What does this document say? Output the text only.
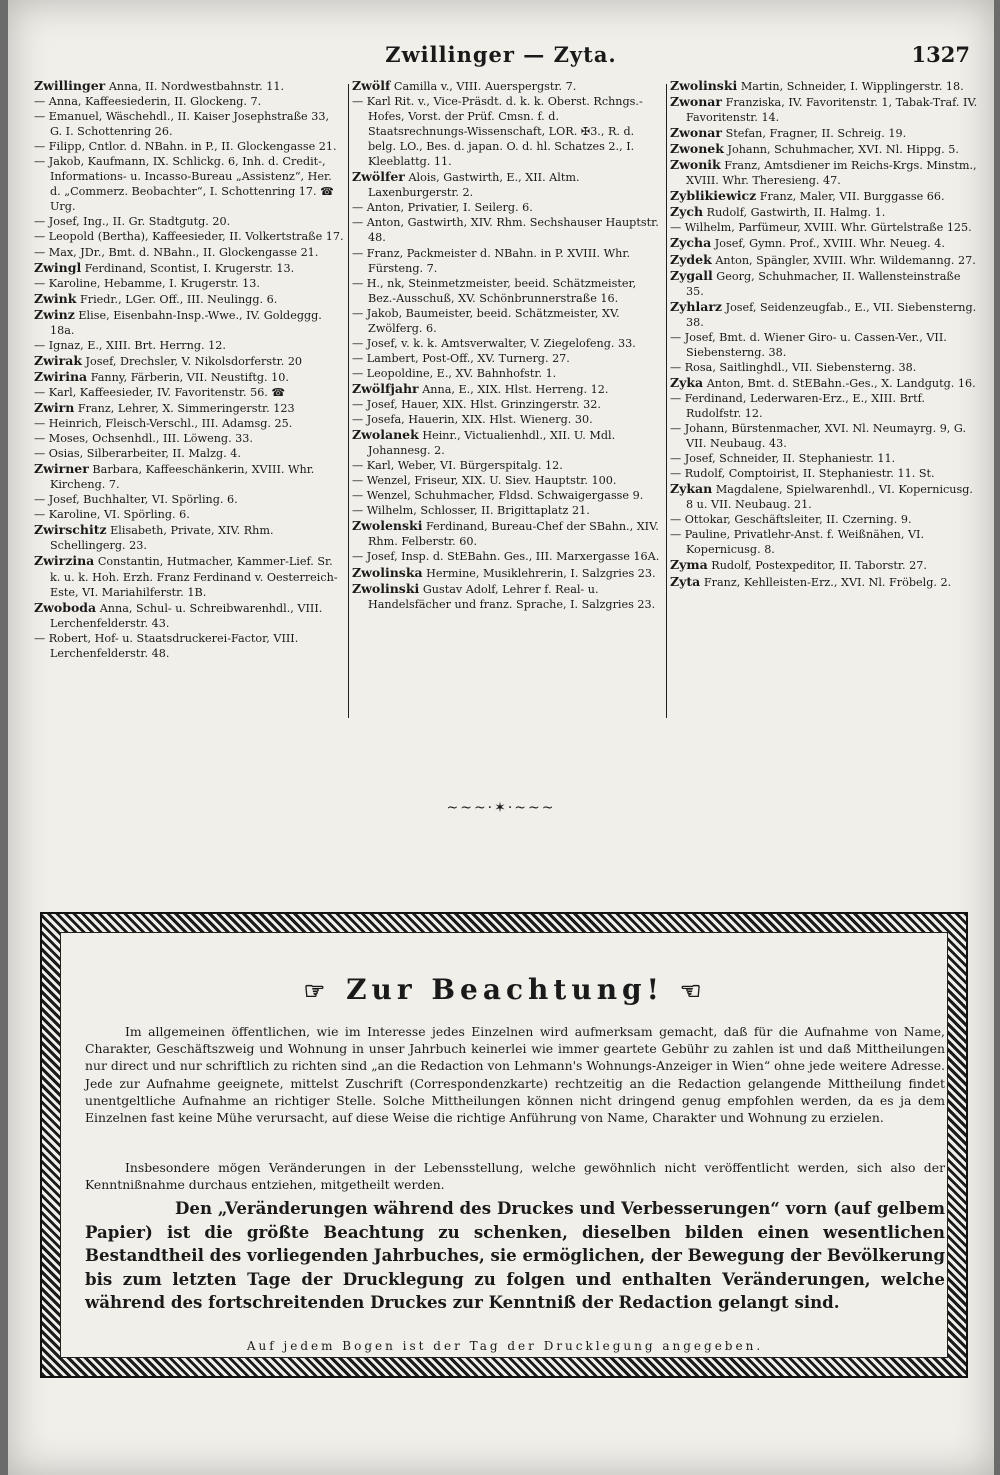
Zwillinger — Zyta.	1327
Zwillinger Anna, II. Nordwestbahnstr. 11.
— Anna, Kaffeesiederin, II. Glockeng. 7.
— Emanuel, Wäschehdl., II. Kaiser Josephstraße 33, G. I. Schottenring 26.
— Filipp, Cntlor. d. NBahn. in P., II. Glockengasse 21.
— Jakob, Kaufmann, IX. Schlickg. 6, Inh. d. Credit-, Informations- u. Incasso-Bureau „Assistenz“, Her. d. „Commerz. Beobachter“, I. Schottenring 17. ☎ Urg.
— Josef, Ing., II. Gr. Stadtgutg. 20.
— Leopold (Bertha), Kaffeesieder, II. Volkertstraße 17.
— Max, JDr., Bmt. d. NBahn., II. Glockengasse 21.
Zwingl Ferdinand, Scontist, I. Krugerstr. 13.
— Karoline, Hebamme, I. Krugerstr. 13.
Zwink Friedr., LGer. Off., III. Neulingg. 6.
Zwinz Elise, Eisenbahn-Insp.-Wwe., IV. Goldeggg. 18a.
— Ignaz, E., XIII. Brt. Herrng. 12.
Zwirak Josef, Drechsler, V. Nikolsdorferstr. 20
Zwirina Fanny, Färberin, VII. Neustiftg. 10.
— Karl, Kaffeesieder, IV. Favoritenstr. 56. ☎
Zwirn Franz, Lehrer, X. Simmeringerstr. 123
— Heinrich, Fleisch-Verschl., III. Adamsg. 25.
— Moses, Ochsenhdl., III. Löweng. 33.
— Osias, Silberarbeiter, II. Malzg. 4.
Zwirner Barbara, Kaffeeschänkerin, XVIII. Whr. Kircheng. 7.
— Josef, Buchhalter, VI. Spörling. 6.
— Karoline, VI. Spörling. 6.
Zwirschitz Elisabeth, Private, XIV. Rhm. Schellingerg. 23.
Zwirzina Constantin, Hutmacher, Kammer-Lief. Sr. k. u. k. Hoh. Erzh. Franz Ferdinand v. Oesterreich-Este, VI. Mariahilferstr. 1B.
Zwoboda Anna, Schul- u. Schreibwarenhdl., VIII. Lerchenfelderstr. 43.
— Robert, Hof- u. Staatsdruckerei-Factor, VIII. Lerchenfelderstr. 48.
Zwölf Camilla v., VIII. Auerspergstr. 7.
— Karl Rit. v., Vice-Präsdt. d. k. k. Oberst. Rchngs.-Hofes, Vorst. der Prüf. Cmsn. f. d. Staatsrechnungs-Wissenschaft, LOR. ✠3., R. d. belg. LO., Bes. d. japan. O. d. hl. Schatzes 2., I. Kleeblattg. 11.
Zwölfer Alois, Gastwirth, E., XII. Altm. Laxenburgerstr. 2.
— Anton, Privatier, I. Seilerg. 6.
— Anton, Gastwirth, XIV. Rhm. Sechshauser Hauptstr. 48.
— Franz, Packmeister d. NBahn. in P. XVIII. Whr. Fürsteng. 7.
— H., nk, Steinmetzmeister, beeid. Schätzmeister, Bez.-Ausschuß, XV. Schönbrunnerstraße 16.
— Jakob, Baumeister, beeid. Schätzmeister, XV. Zwölferg. 6.
— Josef, v. k. k. Amtsverwalter, V. Ziegelofeng. 33.
— Lambert, Post-Off., XV. Turnerg. 27.
— Leopoldine, E., XV. Bahnhofstr. 1.
Zwölfjahr Anna, E., XIX. Hlst. Herreng. 12.
— Josef, Hauer, XIX. Hlst. Grinzingerstr. 32.
— Josefa, Hauerin, XIX. Hlst. Wienerg. 30.
Zwolanek Heinr., Victualienhdl., XII. U. Mdl. Johannesg. 2.
— Karl, Weber, VI. Bürgerspitalg. 12.
— Wenzel, Friseur, XIX. U. Siev. Hauptstr. 100.
— Wenzel, Schuhmacher, Fldsd. Schwaigergasse 9.
— Wilhelm, Schlosser, II. Brigittaplatz 21.
Zwolenski Ferdinand, Bureau-Chef der SBahn., XIV. Rhm. Felberstr. 60.
— Josef, Insp. d. StEBahn. Ges., III. Marxergasse 16A.
Zwolinska Hermine, Musiklehrerin, I. Salzgries 23.
Zwolinski Gustav Adolf, Lehrer f. Real- u. Handelsfächer und franz. Sprache, I. Salzgries 23.
Zwolinski Martin, Schneider, I. Wipplingerstr. 18.
Zwonar Franziska, IV. Favoritenstr. 1, Tabak-Traf. IV. Favoritenstr. 14.
Zwonar Stefan, Fragner, II. Schreig. 19.
Zwonek Johann, Schuhmacher, XVI. Nl. Hippg. 5.
Zwonik Franz, Amtsdiener im Reichs-Krgs. Minstm., XVIII. Whr. Theresieng. 47.
Zyblikiewicz Franz, Maler, VII. Burggasse 66.
Zych Rudolf, Gastwirth, II. Halmg. 1.
— Wilhelm, Parfümeur, XVIII. Whr. Gürtelstraße 125.
Zycha Josef, Gymn. Prof., XVIII. Whr. Neueg. 4.
Zydek Anton, Spängler, XVIII. Whr. Wildemanng. 27.
Zygall Georg, Schuhmacher, II. Wallensteinstraße 35.
Zyhlarz Josef, Seidenzeugfab., E., VII. Siebensterng. 38.
— Josef, Bmt. d. Wiener Giro- u. Cassen-Ver., VII. Siebensterng. 38.
— Rosa, Saitlinghdl., VII. Siebensterng. 38.
Zyka Anton, Bmt. d. StEBahn.-Ges., X. Landgutg. 16.
— Ferdinand, Lederwaren-Erz., E., XIII. Brtf. Rudolfstr. 12.
— Johann, Bürstenmacher, XVI. Nl. Neumayrg. 9, G. VII. Neubaug. 43.
— Josef, Schneider, II. Stephaniestr. 11.
— Rudolf, Comptoirist, II. Stephaniestr. 11. St.
Zykan Magdalene, Spielwarenhdl., VI. Kopernicusg. 8 u. VII. Neubaug. 21.
— Ottokar, Geschäftsleiter, II. Czerning. 9.
— Pauline, Privatlehr-Anst. f. Weißnähen, VI. Kopernicusg. 8.
Zyma Rudolf, Postexpeditor, II. Taborstr. 27.
Zyta Franz, Kehlleisten-Erz., XVI. Nl. Fröbelg. 2.
~~~·✶·~~~
☞ Zur Beachtung! ☜
Im allgemeinen öffentlichen, wie im Interesse jedes Einzelnen wird aufmerksam gemacht, daß für die Aufnahme von Name, Charakter, Geschäftszweig und Wohnung in unser Jahrbuch keinerlei wie immer geartete Gebühr zu zahlen ist und daß Mittheilungen nur direct und nur schriftlich zu richten sind „an die Redaction von Lehmann's Wohnungs-Anzeiger in Wien“ ohne jede weitere Adresse. Jede zur Aufnahme geeignete, mittelst Zuschrift (Correspondenzkarte) rechtzeitig an die Redaction gelangende Mittheilung findet unentgeltliche Aufnahme an richtiger Stelle. Solche Mittheilungen können nicht dringend genug empfohlen werden, da es ja dem Einzelnen fast keine Mühe verursacht, auf diese Weise die richtige Anführung von Name, Charakter und Wohnung zu erzielen.
Insbesondere mögen Veränderungen in der Lebensstellung, welche gewöhnlich nicht veröffentlicht werden, sich also der Kenntnißnahme durchaus entziehen, mitgetheilt werden.
Den „Veränderungen während des Druckes und Verbesserungen“ vorn (auf gelbem Papier) ist die größte Beachtung zu schenken, dieselben bilden einen wesentlichen Bestandtheil des vorliegenden Jahrbuches, sie ermöglichen, der Bewegung der Bevölkerung bis zum letzten Tage der Drucklegung zu folgen und enthalten Veränderungen, welche während des fortschreitenden Druckes zur Kenntniß der Redaction gelangt sind.
Auf jedem Bogen ist der Tag der Drucklegung angegeben.
